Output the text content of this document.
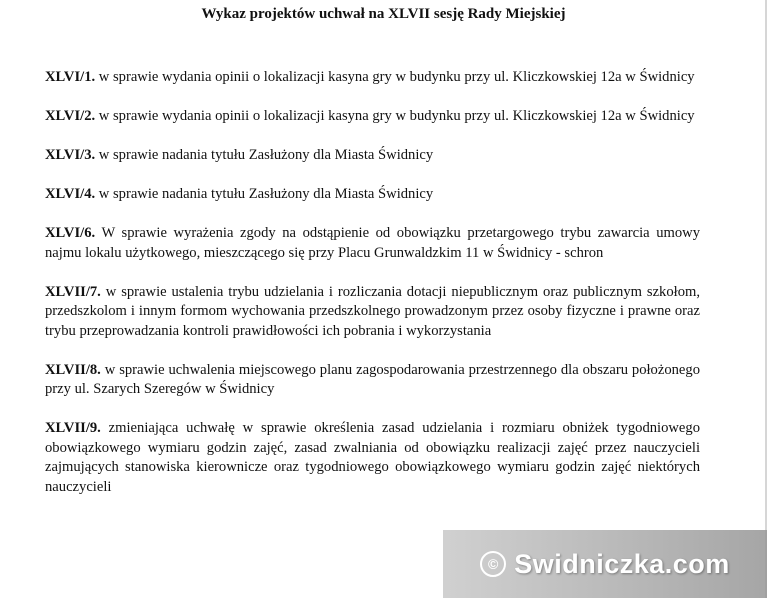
Wykaz projektów uchwał na XLVII sesję Rady Miejskiej

XLVI/1. w sprawie wydania opinii o lokalizacji kasyna gry w budynku przy ul. Kliczkowskiej 12a w Świdnicy

XLVI/2. w sprawie wydania opinii o lokalizacji kasyna gry w budynku przy ul. Kliczkowskiej 12a w Świdnicy

XLVI/3. w sprawie nadania tytułu Zasłużony dla Miasta Świdnicy

XLVI/4. w sprawie nadania tytułu Zasłużony dla Miasta Świdnicy

XLVI/6. W sprawie wyrażenia zgody na odstąpienie od obowiązku przetargowego trybu zawarcia umowy najmu lokalu użytkowego, mieszczącego się przy Placu Grunwaldzkim 11 w Świdnicy - schron

XLVII/7. w sprawie ustalenia trybu udzielania i rozliczania dotacji niepublicznym oraz publicznym szkołom, przedszkolom i innym formom wychowania przedszkolnego prowadzonym przez osoby fizyczne i prawne oraz trybu przeprowadzania kontroli prawidłowości ich pobrania i wykorzystania

XLVII/8. w sprawie uchwalenia miejscowego planu zagospodarowania przestrzennego dla obszaru położonego przy ul. Szarych Szeregów w Świdnicy

XLVII/9. zmieniająca uchwałę w sprawie określenia zasad udzielania i rozmiaru obniżek tygodniowego obowiązkowego wymiaru godzin zajęć, zasad zwalniania od obowiązku realizacji zajęć przez nauczycieli zajmujących stanowiska kierownicze oraz tygodniowego obowiązkowego wymiaru godzin zajęć niektórych nauczycieli

© Swidniczka.com
